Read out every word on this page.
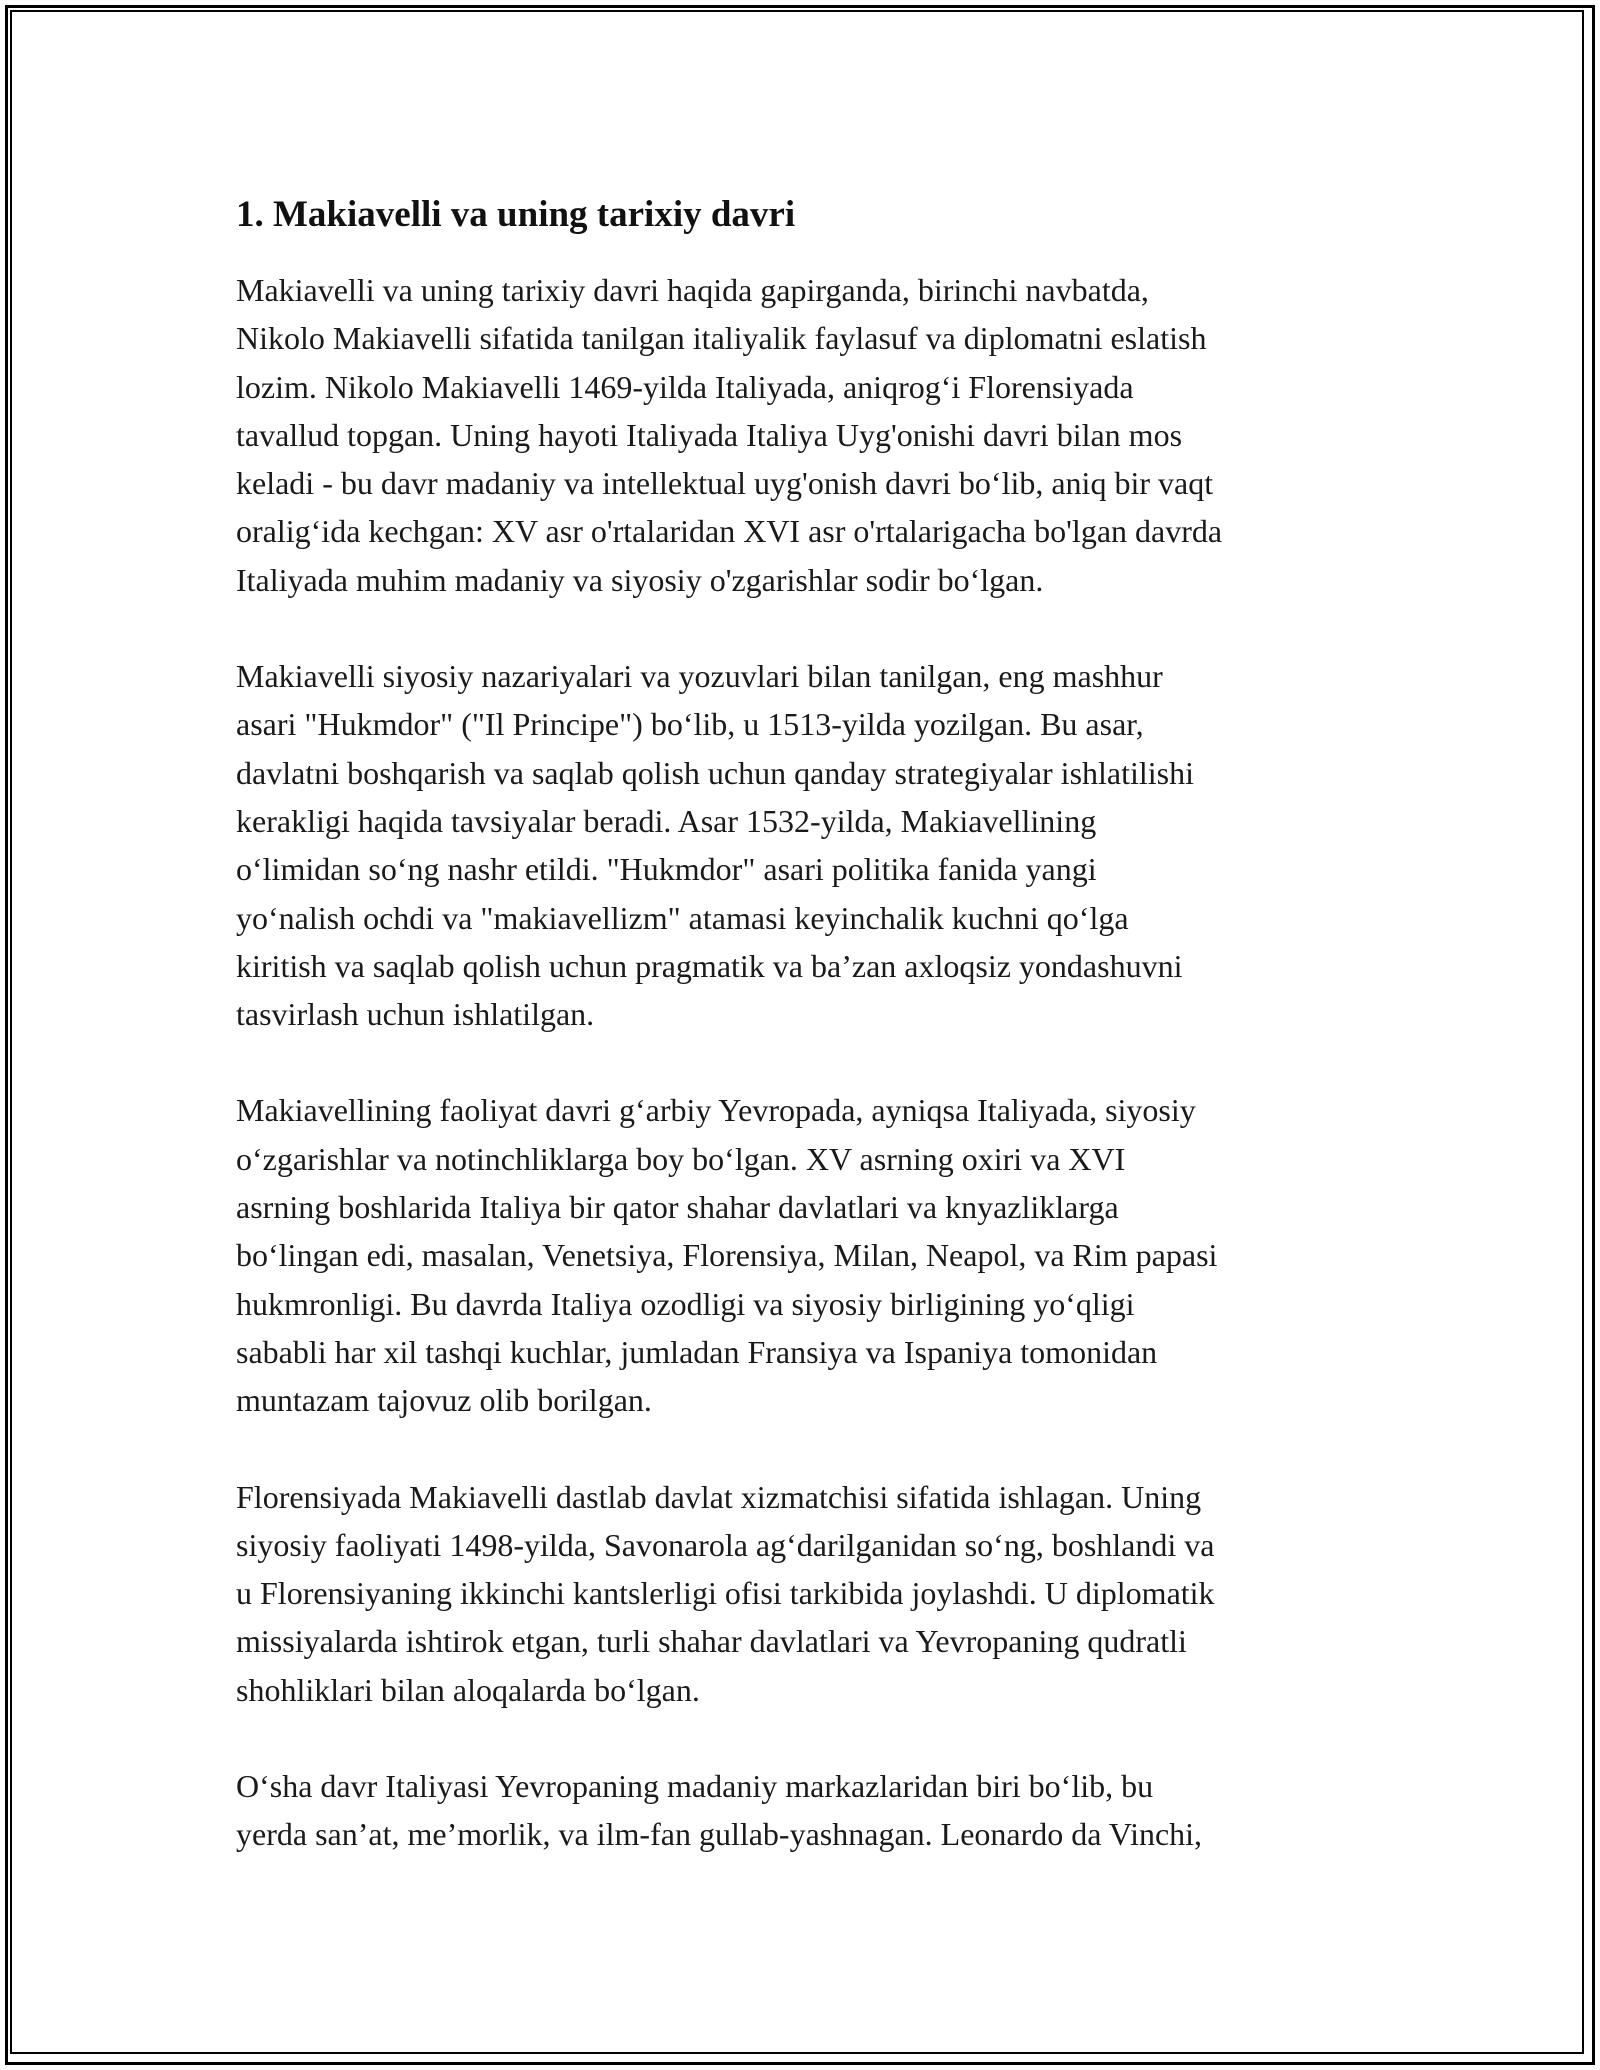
1. Makiavelli va uning tarixiy davri

Makiavelli va uning tarixiy davri haqida gapirganda, birinchi navbatda,
Nikolo Makiavelli sifatida tanilgan italiyalik faylasuf va diplomatni eslatish
lozim. Nikolo Makiavelli 1469-yilda Italiyada, aniqrog‘i Florensiyada
tavallud topgan. Uning hayoti Italiyada Italiya Uyg'onishi davri bilan mos
keladi - bu davr madaniy va intellektual uyg'onish davri bo‘lib, aniq bir vaqt
oralig‘ida kechgan: XV asr o'rtalaridan XVI asr o'rtalarigacha bo'lgan davrda
Italiyada muhim madaniy va siyosiy o'zgarishlar sodir bo‘lgan.

Makiavelli siyosiy nazariyalari va yozuvlari bilan tanilgan, eng mashhur
asari "Hukmdor" ("Il Principe") bo‘lib, u 1513-yilda yozilgan. Bu asar,
davlatni boshqarish va saqlab qolish uchun qanday strategiyalar ishlatilishi
kerakligi haqida tavsiyalar beradi. Asar 1532-yilda, Makiavellining
o‘limidan so‘ng nashr etildi. "Hukmdor" asari politika fanida yangi
yo‘nalish ochdi va "makiavellizm" atamasi keyinchalik kuchni qo‘lga
kiritish va saqlab qolish uchun pragmatik va ba’zan axloqsiz yondashuvni
tasvirlash uchun ishlatilgan.

Makiavellining faoliyat davri g‘arbiy Yevropada, ayniqsa Italiyada, siyosiy
o‘zgarishlar va notinchliklarga boy bo‘lgan. XV asrning oxiri va XVI
asrning boshlarida Italiya bir qator shahar davlatlari va knyazliklarga
bo‘lingan edi, masalan, Venetsiya, Florensiya, Milan, Neapol, va Rim papasi
hukmronligi. Bu davrda Italiya ozodligi va siyosiy birligining yo‘qligi
sababli har xil tashqi kuchlar, jumladan Fransiya va Ispaniya tomonidan
muntazam tajovuz olib borilgan.

Florensiyada Makiavelli dastlab davlat xizmatchisi sifatida ishlagan. Uning
siyosiy faoliyati 1498-yilda, Savonarola ag‘darilganidan so‘ng, boshlandi va
u Florensiyaning ikkinchi kantslerligi ofisi tarkibida joylashdi. U diplomatik
missiyalarda ishtirok etgan, turli shahar davlatlari va Yevropaning qudratli
shohliklari bilan aloqalarda bo‘lgan.

O‘sha davr Italiyasi Yevropaning madaniy markazlaridan biri bo‘lib, bu
yerda san’at, me’morlik, va ilm-fan gullab-yashnagan. Leonardo da Vinchi,
